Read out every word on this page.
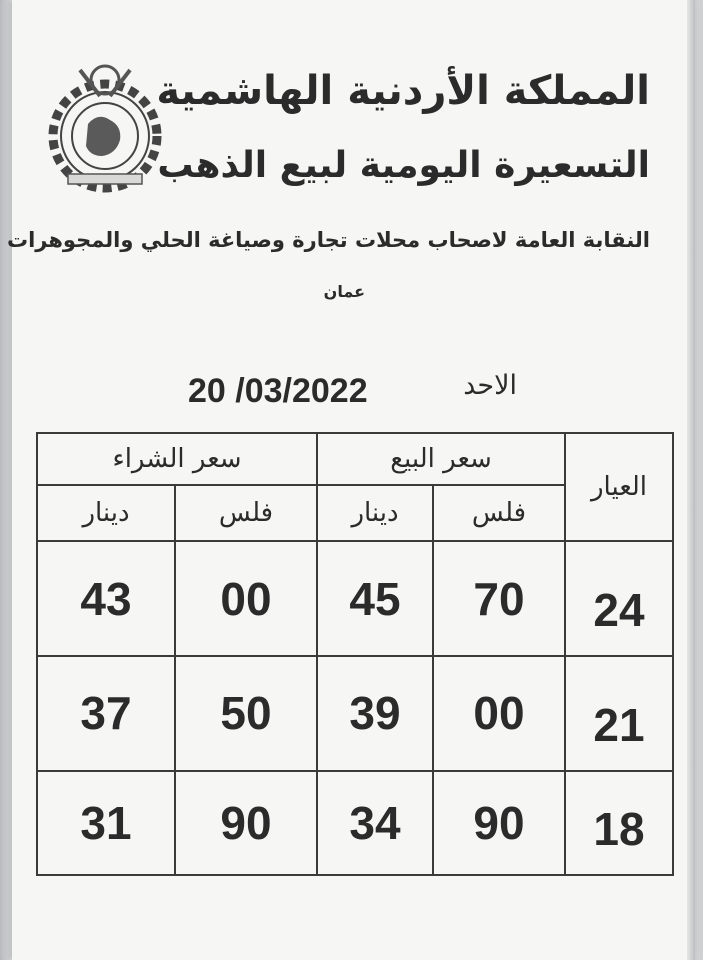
المملكة الأردنية الهاشمية
التسعيرة اليومية لبيع الذهب
النقابة العامة لاصحاب محلات تجارة وصياغة الحلي والمجوهرات
عمان
الاحد
20 /03/2022
العيار	سعر البيع		سعر الشراء	
	فلس	دينار	فلس	دينار
24	70	45	00	43
21	00	39	50	37
18	90	34	90	31
